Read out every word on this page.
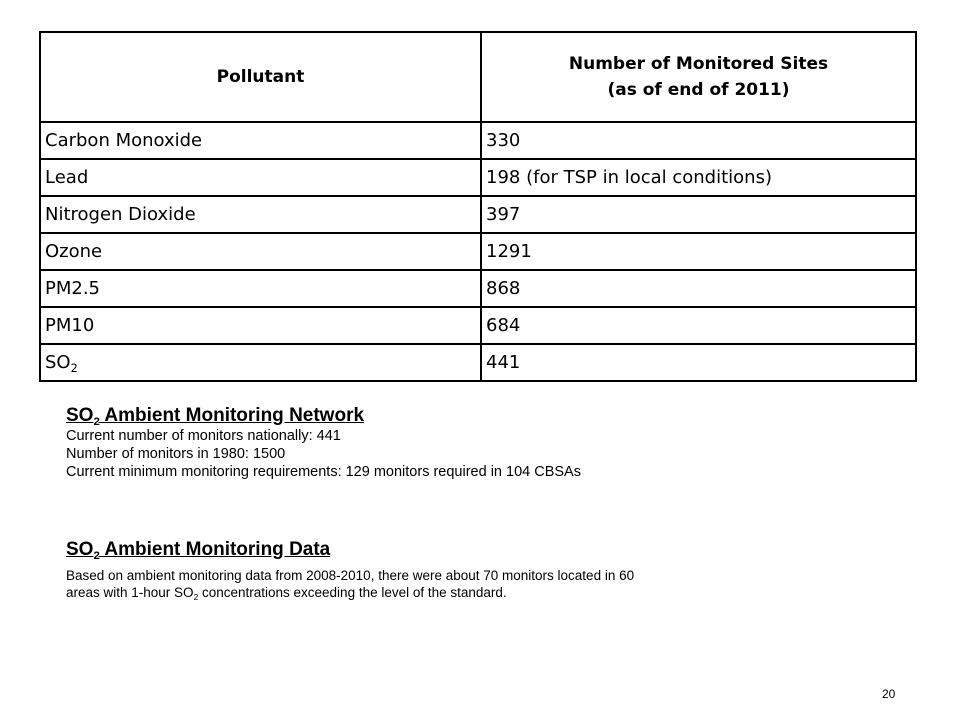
Pollutant	Number of Monitored Sites
(as of end of 2011)
Carbon Monoxide	330
Lead	198 (for TSP in local conditions)
Nitrogen Dioxide	397
Ozone	1291
PM2.5	868
PM10	684
$SO_2$	441
$SO_2$ Ambient Monitoring Network
Current number of monitors nationally: 441
Number of monitors in 1980: 1500
Current minimum monitoring requirements: 129 monitors required in 104 CBSAs
$SO_2$ Ambient Monitoring Data
Based on ambient monitoring data from 2008-2010, there were about 70 monitors located in 60
areas with 1-hour $SO_2$ concentrations exceeding the level of the standard.
20
